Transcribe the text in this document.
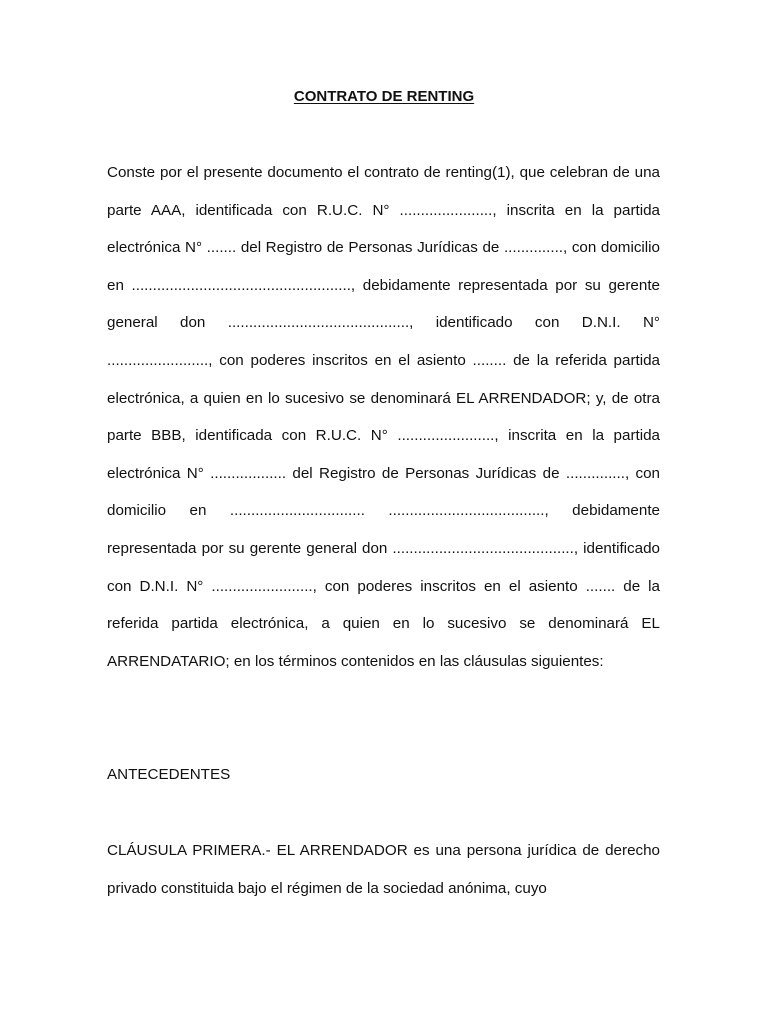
CONTRATO DE RENTING

Conste por el presente documento el contrato de renting(1), que celebran de una parte AAA, identificada con R.U.C. N° ......................, inscrita en la partida electrónica N° ....... del Registro de Personas Jurídicas de .............., con domicilio en ...................................................., debidamente representada por su gerente general don ..........................................., identificado con D.N.I. N° ........................, con poderes inscritos en el asiento ........ de la referida partida electrónica, a quien en lo sucesivo se denominará EL ARRENDADOR; y, de otra parte BBB, identificada con R.U.C. N° ......................., inscrita en la partida electrónica N° .................. del Registro de Personas Jurídicas de .............., con domicilio en ................................ ....................................., debidamente representada por su gerente general don ..........................................., identificado con D.N.I. N° ........................, con poderes inscritos en el asiento ....... de la referida partida electrónica, a quien en lo sucesivo se denominará EL ARRENDATARIO; en los términos contenidos en las cláusulas siguientes:

ANTECEDENTES

CLÁUSULA PRIMERA.- EL ARRENDADOR es una persona jurídica de derecho privado constituida bajo el régimen de la sociedad anónima, cuyo
